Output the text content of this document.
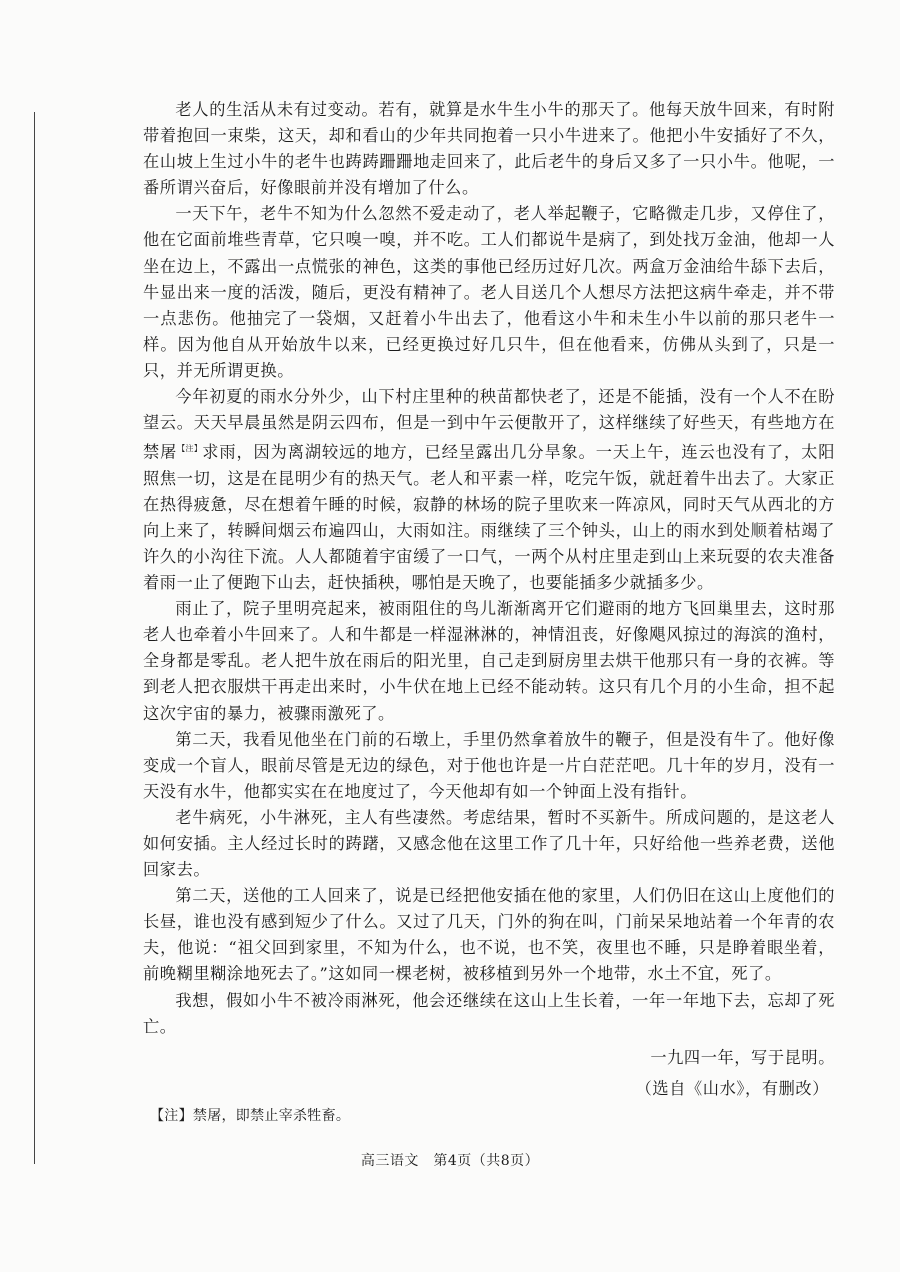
老人的生活从未有过变动。若有，就算是水牛生小牛的那天了。他每天放牛回来，有时附带着抱回一束柴，这天，却和看山的少年共同抱着一只小牛进来了。他把小牛安插好了不久，在山坡上生过小牛的老牛也踌踌跚跚地走回来了，此后老牛的身后又多了一只小牛。他呢，一番所谓兴奋后，好像眼前并没有增加了什么。

一天下午，老牛不知为什么忽然不爱走动了，老人举起鞭子，它略微走几步，又停住了，他在它面前堆些青草，它只嗅一嗅，并不吃。工人们都说牛是病了，到处找万金油，他却一人坐在边上，不露出一点慌张的神色，这类的事他已经历过好几次。两盒万金油给牛舔下去后，牛显出来一度的活泼，随后，更没有精神了。老人目送几个人想尽方法把这病牛牵走，并不带一点悲伤。他抽完了一袋烟，又赶着小牛出去了，他看这小牛和未生小牛以前的那只老牛一样。因为他自从开始放牛以来，已经更换过好几只牛，但在他看来，仿佛从头到了，只是一只，并无所谓更换。

今年初夏的雨水分外少，山下村庄里种的秧苗都快老了，还是不能插，没有一个人不在盼望云。天天早晨虽然是阴云四布，但是一到中午云便散开了，这样继续了好些天，有些地方在禁屠$^{【注】}$求雨，因为离湖较远的地方，已经呈露出几分旱象。一天上午，连云也没有了，太阳照焦一切，这是在昆明少有的热天气。老人和平素一样，吃完午饭，就赶着牛出去了。大家正在热得疲惫，尽在想着午睡的时候，寂静的林场的院子里吹来一阵凉风，同时天气从西北的方向上来了，转瞬间烟云布遍四山，大雨如注。雨继续了三个钟头，山上的雨水到处顺着枯竭了许久的小沟往下流。人人都随着宇宙缓了一口气，一两个从村庄里走到山上来玩耍的农夫准备着雨一止了便跑下山去，赶快插秧，哪怕是天晚了，也要能插多少就插多少。

雨止了，院子里明亮起来，被雨阻住的鸟儿渐渐离开它们避雨的地方飞回巢里去，这时那老人也牵着小牛回来了。人和牛都是一样湿淋淋的，神情沮丧，好像飓风掠过的海滨的渔村，全身都是零乱。老人把牛放在雨后的阳光里，自己走到厨房里去烘干他那只有一身的衣裤。等到老人把衣服烘干再走出来时，小牛伏在地上已经不能动转。这只有几个月的小生命，担不起这次宇宙的暴力，被骤雨激死了。

第二天，我看见他坐在门前的石墩上，手里仍然拿着放牛的鞭子，但是没有牛了。他好像变成一个盲人，眼前尽管是无边的绿色，对于他也许是一片白茫茫吧。几十年的岁月，没有一天没有水牛，他都实实在在地度过了，今天他却有如一个钟面上没有指针。

老牛病死，小牛淋死，主人有些凄然。考虑结果，暂时不买新牛。所成问题的，是这老人如何安插。主人经过长时的踌躇，又感念他在这里工作了几十年，只好给他一些养老费，送他回家去。

第二天，送他的工人回来了，说是已经把他安插在他的家里，人们仍旧在这山上度他们的长昼，谁也没有感到短少了什么。又过了几天，门外的狗在叫，门前呆呆地站着一个年青的农夫，他说：“祖父回到家里，不知为什么，也不说，也不笑，夜里也不睡，只是睁着眼坐着，前晚糊里糊涂地死去了。”这如同一棵老树，被移植到另外一个地带，水土不宜，死了。

我想，假如小牛不被冷雨淋死，他会还继续在这山上生长着，一年一年地下去，忘却了死亡。

一九四一年，写于昆明。
（选自《山水》，有删改）
【注】禁屠，即禁止宰杀牲畜。
高三语文　第4页（共8页）
